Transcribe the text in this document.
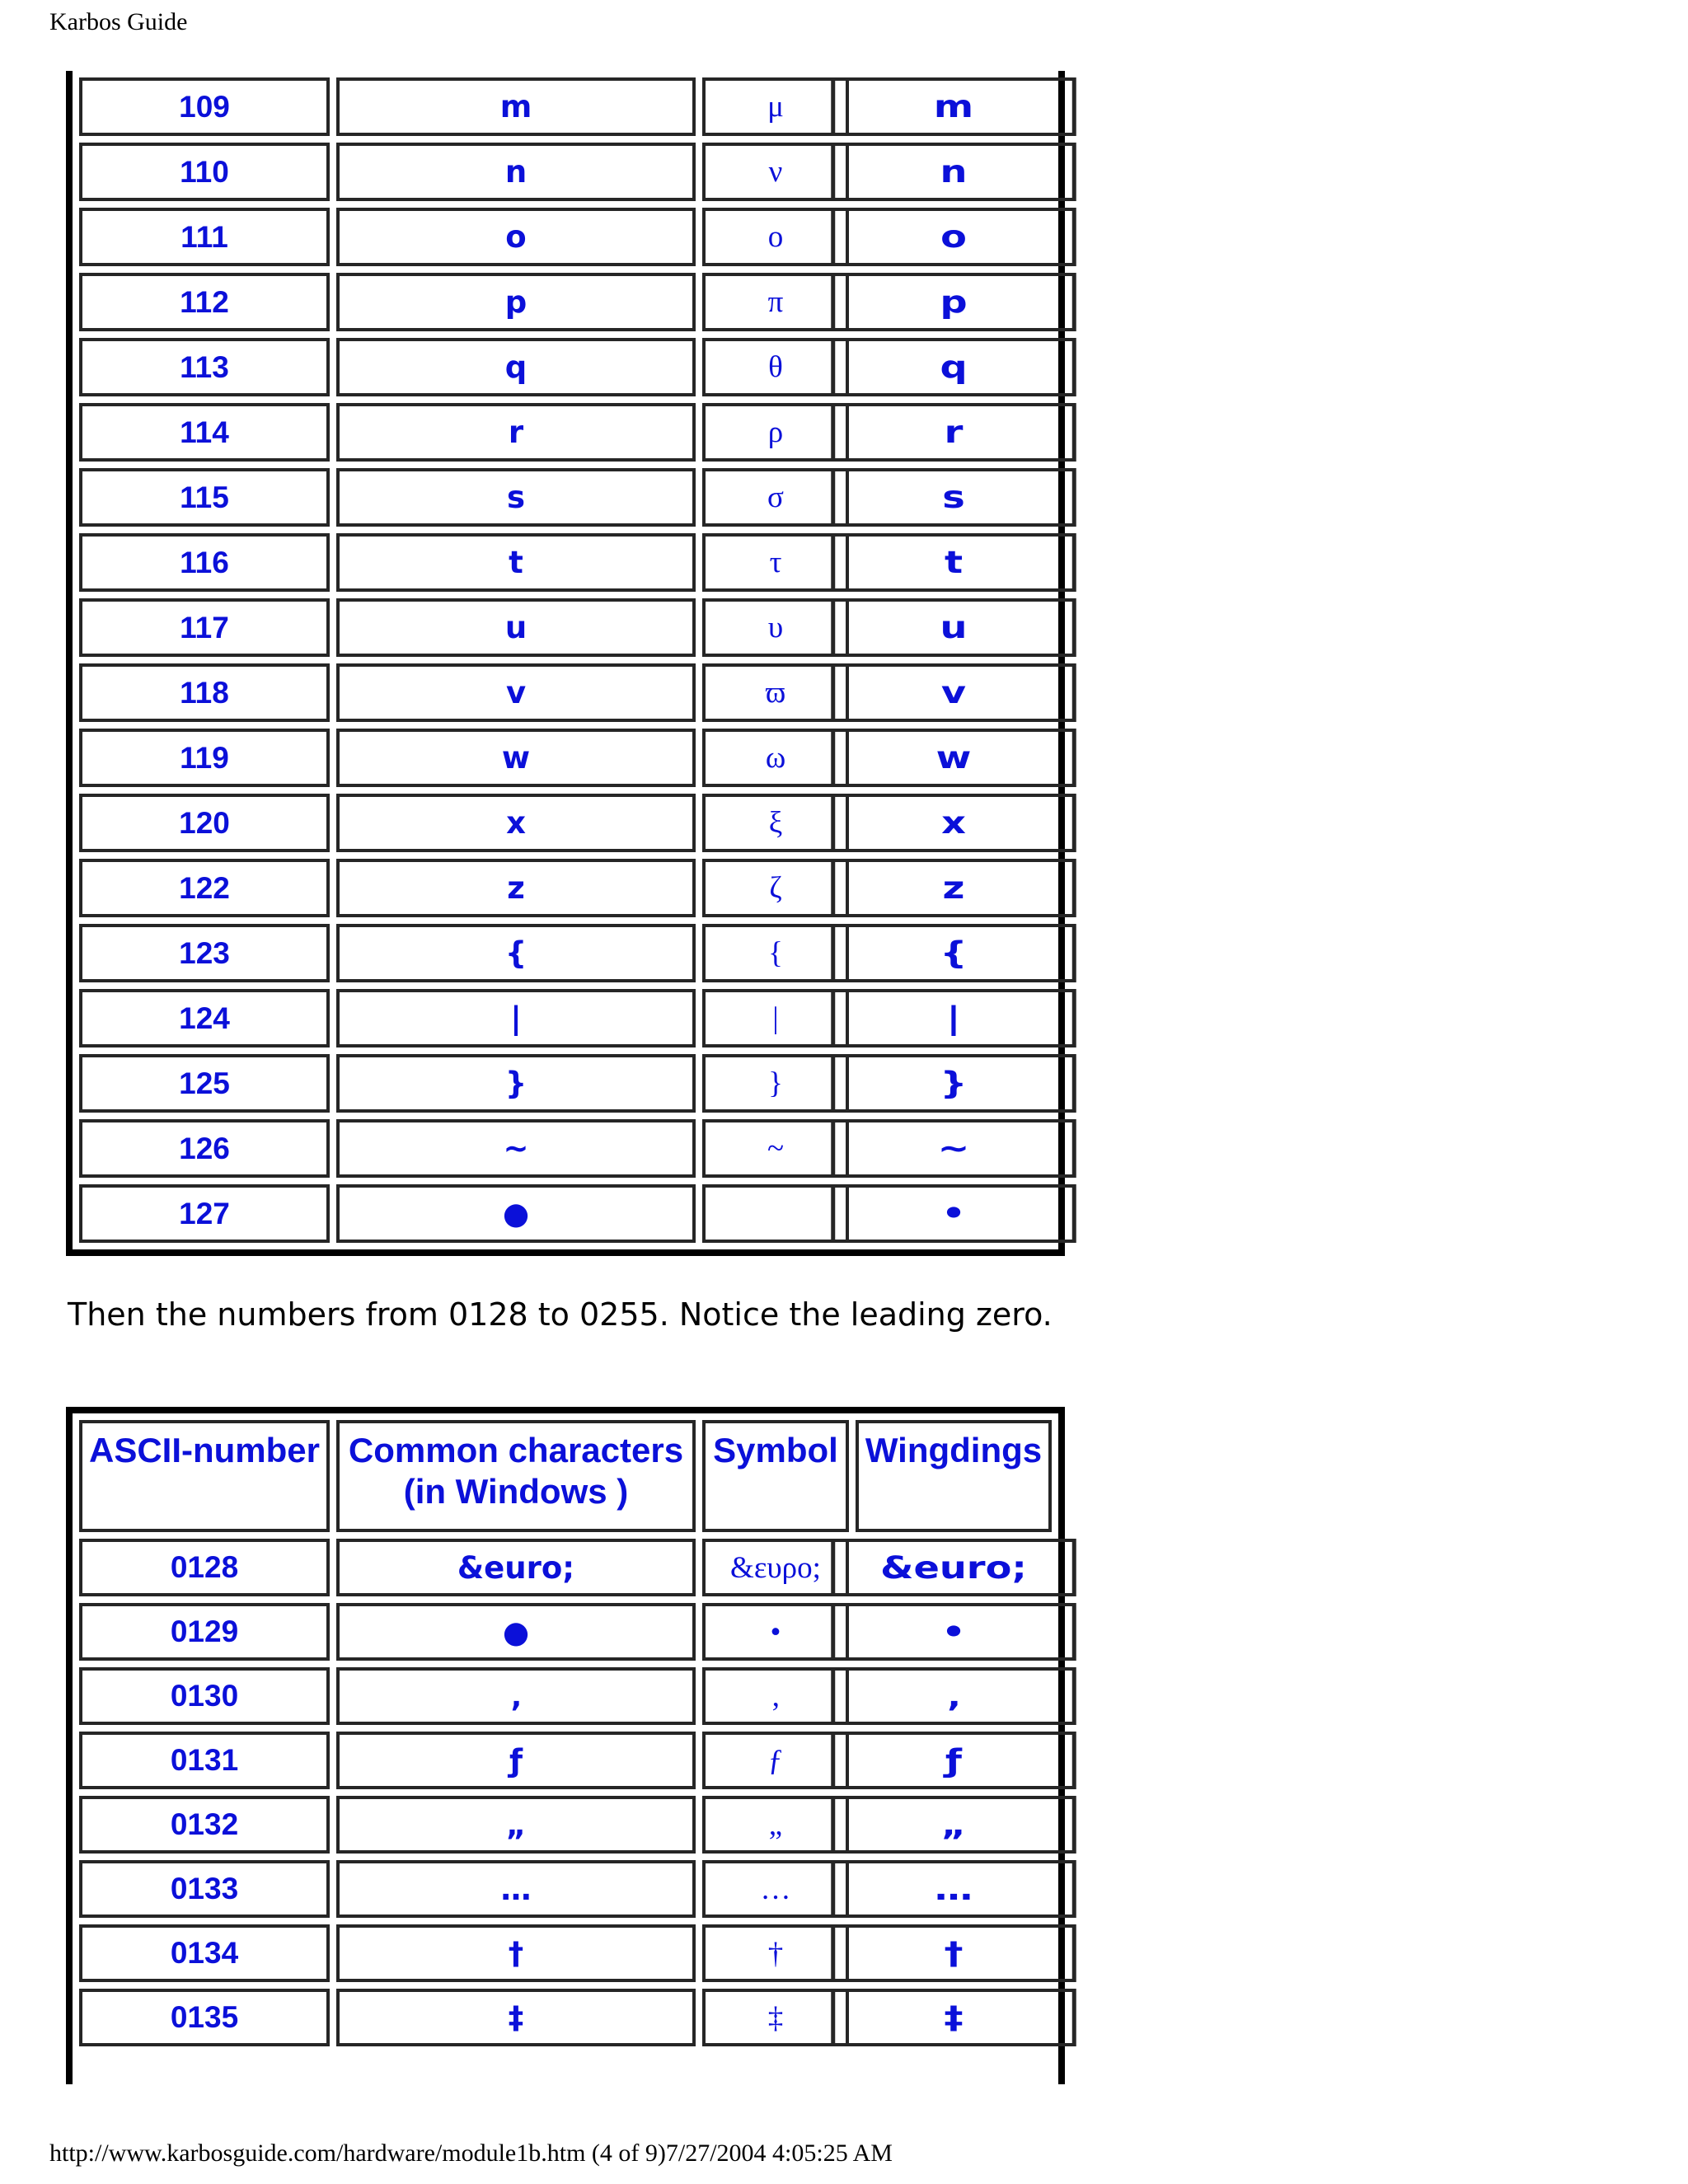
Karbos Guide
109	m	μ	m
110	n	ν	n
111	o	ο	o
112	p	π	p
113	q	θ	q
114	r	ρ	r
115	s	σ	s
116	t	τ	t
117	u	υ	u
118	v	ϖ	v
119	w	ω	w
120	x	ξ	x
122	z	ζ	z
123	{	{	{
124	|	|	|
125	}	}	}
126	~	~	~
127	●		•
Then the numbers from 0128 to 0255. Notice the leading zero.
ASCII-number	Common characters (in Windows )	Symbol	Wingdings
0128	&euro;	&ευρο;	&euro;
0129	●	•	•
0130	‚	‚	‚
0131	ƒ	ƒ	ƒ
0132	„	„	„
0133	…	…	…
0134	†	†	†
0135	‡	‡	‡

http://www.karbosguide.com/hardware/module1b.htm (4 of 9)7/27/2004 4:05:25 AM
